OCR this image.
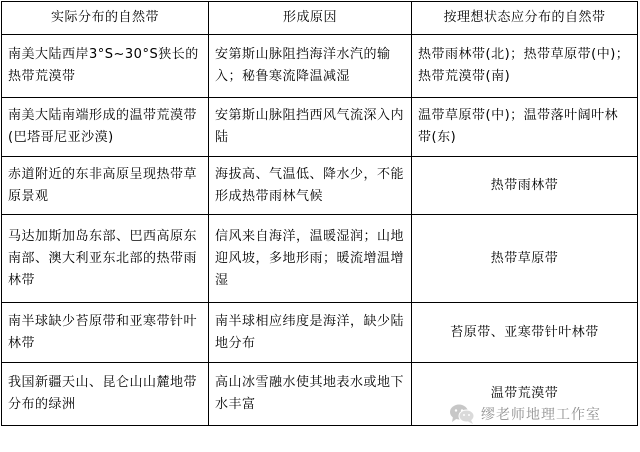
实际分布的自然带	形成原因	按理想状态应分布的自然带
南美大陆西岸3°S~30°S狭长的热带荒漠带	安第斯山脉阻挡海洋水汽的输入；秘鲁寒流降温减湿	热带雨林带(北)；热带草原带(中)；热带荒漠带(南)
南美大陆南端形成的温带荒漠带(巴塔哥尼亚沙漠)	安第斯山脉阻挡西风气流深入内陆	温带草原带(中)；温带落叶阔叶林带(东)
赤道附近的东非高原呈现热带草原景观	海拔高、气温低、降水少，不能形成热带雨林气候	热带雨林带
马达加斯加岛东部、巴西高原东南部、澳大利亚东北部的热带雨林带	信风来自海洋，温暖湿润；山地迎风坡，多地形雨；暖流增温增湿	热带草原带
南半球缺少苔原带和亚寒带针叶林带	南半球相应纬度是海洋，缺少陆地分布	苔原带、亚寒带针叶林带
我国新疆天山、昆仑山山麓地带分布的绿洲	高山冰雪融水使其地表水或地下水丰富	温带荒漠带
缪老师地理工作室
